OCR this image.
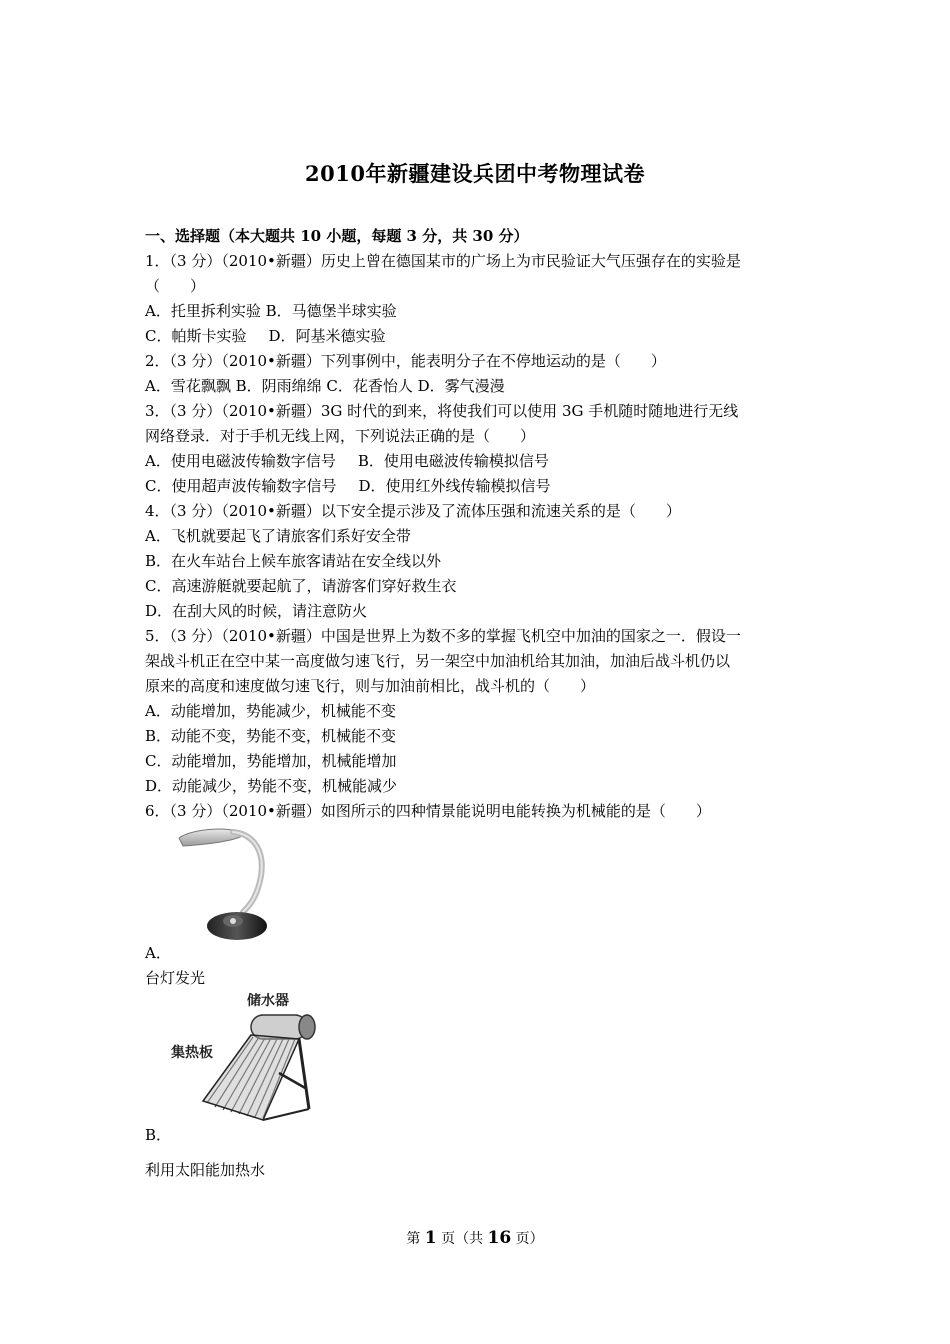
2010年新疆建设兵团中考物理试卷
一、选择题（本大题共 10 小题，每题 3 分，共 30 分）
1．（3 分）（2010•新疆）历史上曾在德国某市的广场上为市民验证大气压强存在的实验是
（　　）
A．托里拆利实验 B．马德堡半球实验
C．帕斯卡实验 D．阿基米德实验
2．（3 分）（2010•新疆）下列事例中，能表明分子在不停地运动的是（　　）
A．雪花飘飘 B．阴雨绵绵 C．花香怡人 D．雾气漫漫
3．（3 分）（2010•新疆）3G 时代的到来，将使我们可以使用 3G 手机随时随地进行无线
网络登录．对于手机无线上网，下列说法正确的是（　　）
A．使用电磁波传输数字信号 B．使用电磁波传输模拟信号
C．使用超声波传输数字信号 D．使用红外线传输模拟信号
4．（3 分）（2010•新疆）以下安全提示涉及了流体压强和流速关系的是（　　）
A．飞机就要起飞了请旅客们系好安全带
B．在火车站台上候车旅客请站在安全线以外
C．高速游艇就要起航了，请游客们穿好救生衣
D．在刮大风的时候，请注意防火
5．（3 分）（2010•新疆）中国是世界上为数不多的掌握飞机空中加油的国家之一．假设一
架战斗机正在空中某一高度做匀速飞行，另一架空中加油机给其加油，加油后战斗机仍以
原来的高度和速度做匀速飞行，则与加油前相比，战斗机的（　　）
A．动能增加，势能减少，机械能不变
B．动能不变，势能不变，机械能不变
C．动能增加，势能增加，机械能增加
D．动能减少，势能不变，机械能减少
6．（3 分）（2010•新疆）如图所示的四种情景能说明电能转换为机械能的是（　　）
A．
台灯发光
储水器
集热板
B．
利用太阳能加热水
第 1 页（共 16 页）
